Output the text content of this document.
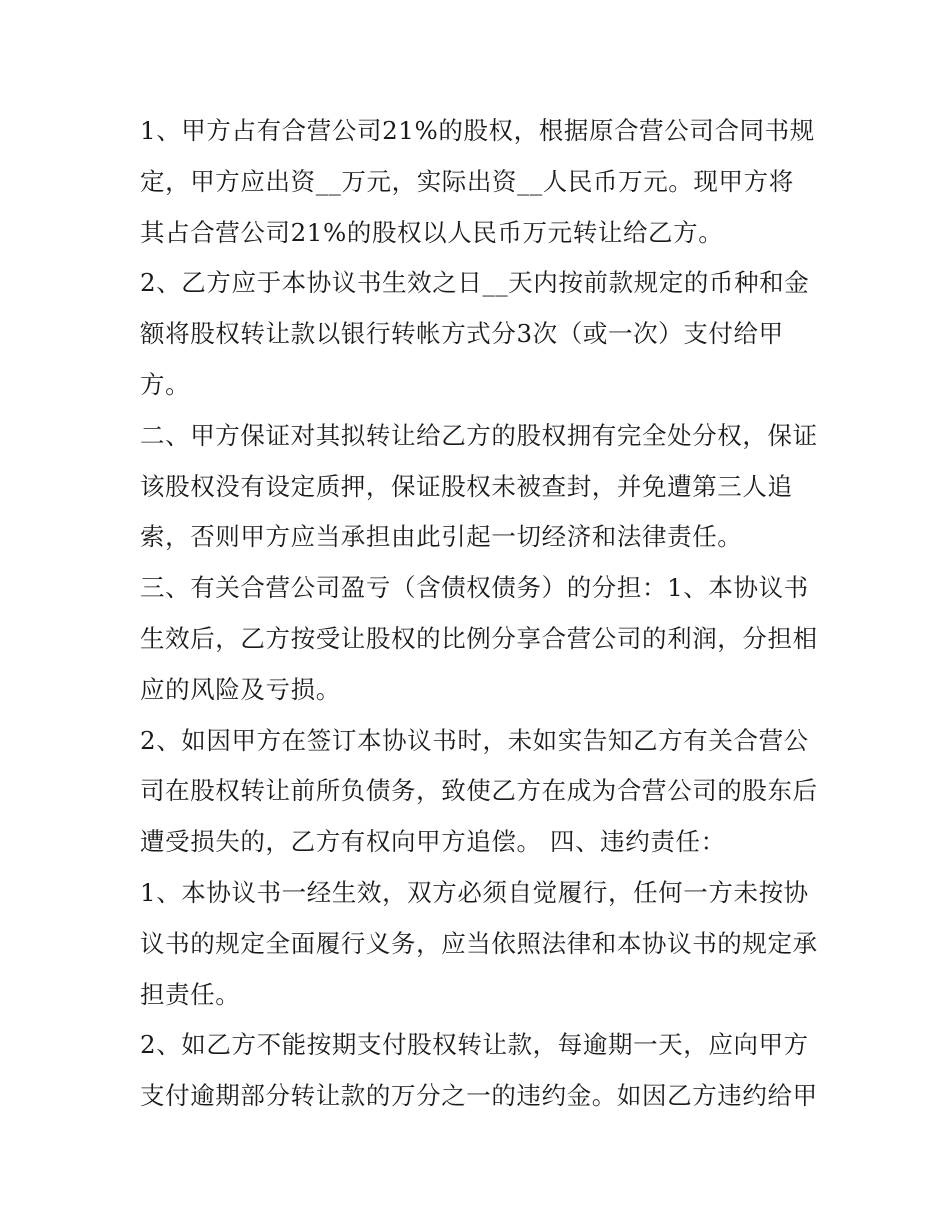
1、甲方占有合营公司21%的股权，根据原合营公司合同书规
定，甲方应出资__万元，实际出资__人民币万元。现甲方将
其占合营公司21%的股权以人民币万元转让给乙方。

2、乙方应于本协议书生效之日__天内按前款规定的币种和金
额将股权转让款以银行转帐方式分3次（或一次）支付给甲
方。

二、甲方保证对其拟转让给乙方的股权拥有完全处分权，保证
该股权没有设定质押，保证股权未被查封，并免遭第三人追
索，否则甲方应当承担由此引起一切经济和法律责任。

三、有关合营公司盈亏（含债权债务）的分担：1、本协议书
生效后，乙方按受让股权的比例分享合营公司的利润，分担相
应的风险及亏损。

2、如因甲方在签订本协议书时，未如实告知乙方有关合营公
司在股权转让前所负债务，致使乙方在成为合营公司的股东后
遭受损失的，乙方有权向甲方追偿。 四、违约责任：

1、本协议书一经生效，双方必须自觉履行，任何一方未按协
议书的规定全面履行义务，应当依照法律和本协议书的规定承
担责任。

2、如乙方不能按期支付股权转让款，每逾期一天，应向甲方
支付逾期部分转让款的万分之一的违约金。如因乙方违约给甲
